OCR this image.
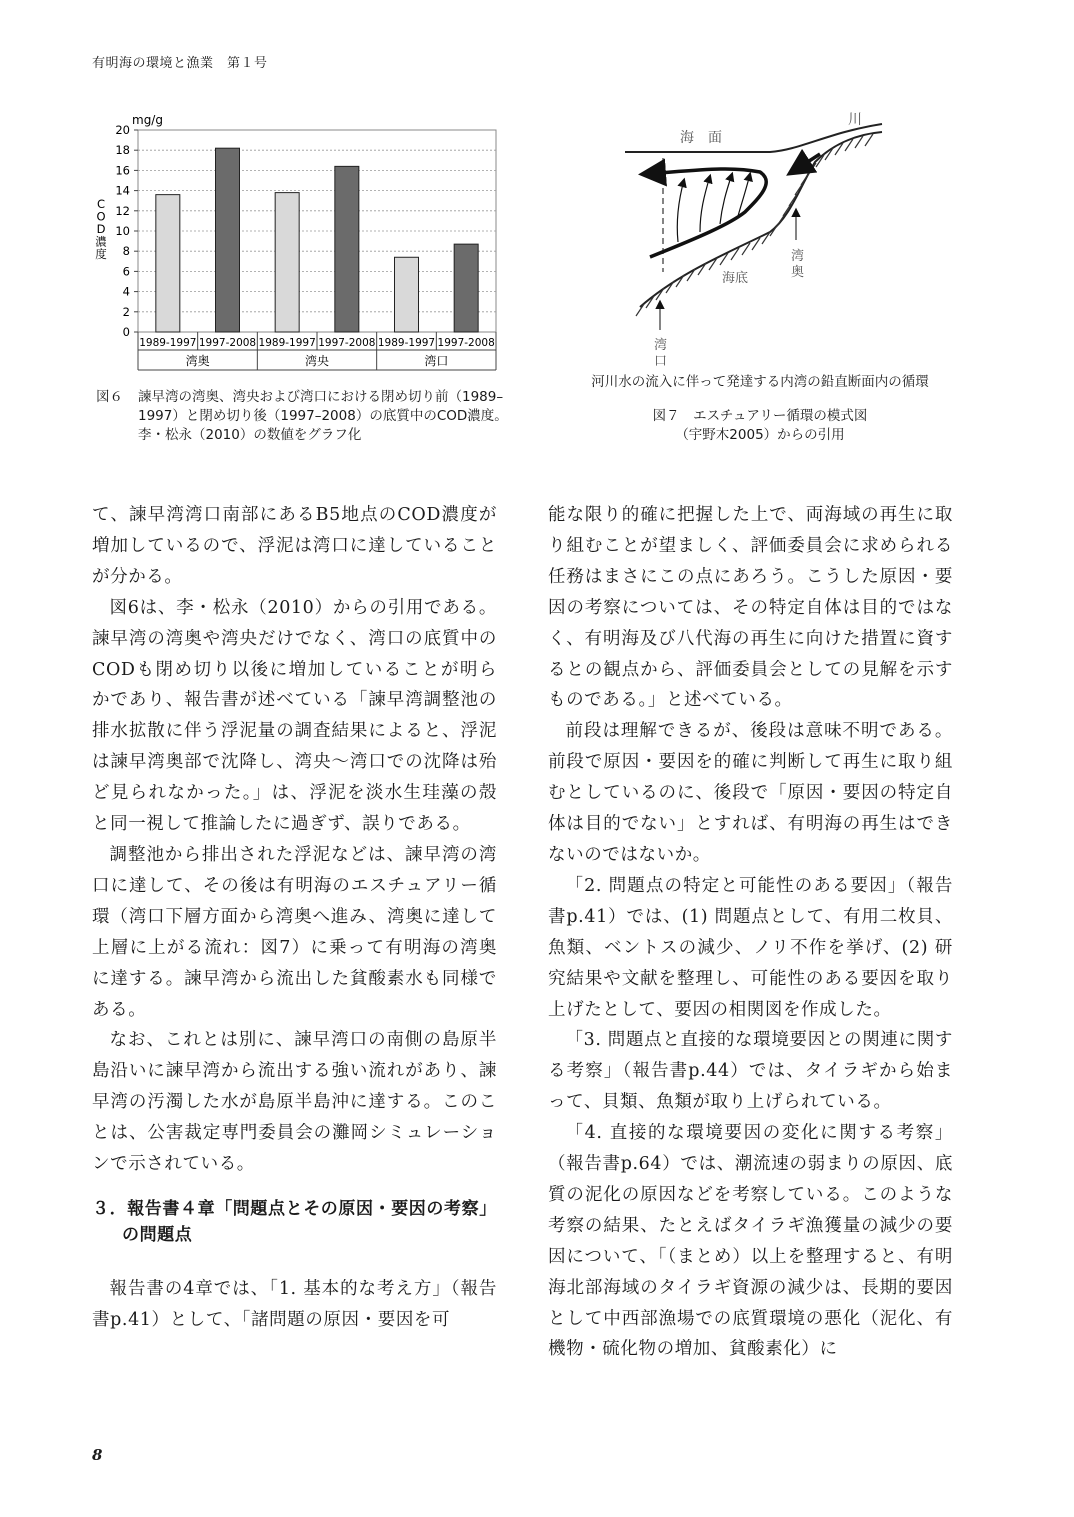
有明海の環境と漁業　第１号
0
2
4
6
8
10
12
14
16
18
20
1989-1997 1997-2008
湾奥
1989-1997 1997-2008
湾央
1989-1997 1997-2008
湾口
mg/g
C
O
D
濃
度
図６ 諫早湾の湾奥、湾央および湾口における閉め切り前（1989–1997）と閉め切り後（1997–2008）の底質中のCOD濃度。李・松永（2010）の数値をグラフ化
海　面
川
海底
湾奥
湾口
河川水の流入に伴って発達する内湾の鉛直断面内の循環
図７　エスチュアリー循環の模式図
（宇野木2005）からの引用

て、諫早湾湾口南部にあるB5地点のCOD濃度が増加しているので、浮泥は湾口に達していることが分かる。

図6は、李・松永（2010）からの引用である。諫早湾の湾奥や湾央だけでなく、湾口の底質中のCODも閉め切り以後に増加していることが明らかであり、報告書が述べている「諫早湾調整池の排水拡散に伴う浮泥量の調査結果によると、浮泥は諫早湾奥部で沈降し、湾央〜湾口での沈降は殆ど見られなかった。」は、浮泥を淡水生珪藻の殻と同一視して推論したに過ぎず、誤りである。

調整池から排出された浮泥などは、諫早湾の湾口に達して、その後は有明海のエスチュアリー循環（湾口下層方面から湾奥へ進み、湾奥に達して上層に上がる流れ：図7）に乗って有明海の湾奥に達する。諫早湾から流出した貧酸素水も同様である。

なお、これとは別に、諫早湾口の南側の島原半島沿いに諫早湾から流出する強い流れがあり、諫早湾の汚濁した水が島原半島沖に達する。このことは、公害裁定専門委員会の灘岡シミュレーションで示されている。

３．報告書４章「問題点とその原因・要因の考察」
の問題点

報告書の4章では、「1. 基本的な考え方」（報告書p.41）として、「諸問題の原因・要因を可

能な限り的確に把握した上で、両海域の再生に取り組むことが望ましく、評価委員会に求められる任務はまさにこの点にあろう。こうした原因・要因の考察については、その特定自体は目的ではなく、有明海及び八代海の再生に向けた措置に資するとの観点から、評価委員会としての見解を示すものである。」と述べている。

前段は理解できるが、後段は意味不明である。前段で原因・要因を的確に判断して再生に取り組むとしているのに、後段で「原因・要因の特定自体は目的でない」とすれば、有明海の再生はできないのではないか。

「2. 問題点の特定と可能性のある要因」（報告書p.41）では、(1) 問題点として、有用二枚貝、魚類、ベントスの減少、ノリ不作を挙げ、(2) 研究結果や文献を整理し、可能性のある要因を取り上げたとして、要因の相関図を作成した。

「3. 問題点と直接的な環境要因との関連に関する考察」（報告書p.44）では、タイラギから始まって、貝類、魚類が取り上げられている。

「4. 直接的な環境要因の変化に関する考察」（報告書p.64）では、潮流速の弱まりの原因、底質の泥化の原因などを考察している。このような考察の結果、たとえばタイラギ漁獲量の減少の要因について、「（まとめ）以上を整理すると、有明海北部海域のタイラギ資源の減少は、長期的要因として中西部漁場での底質環境の悪化（泥化、有機物・硫化物の増加、貧酸素化）に

8
